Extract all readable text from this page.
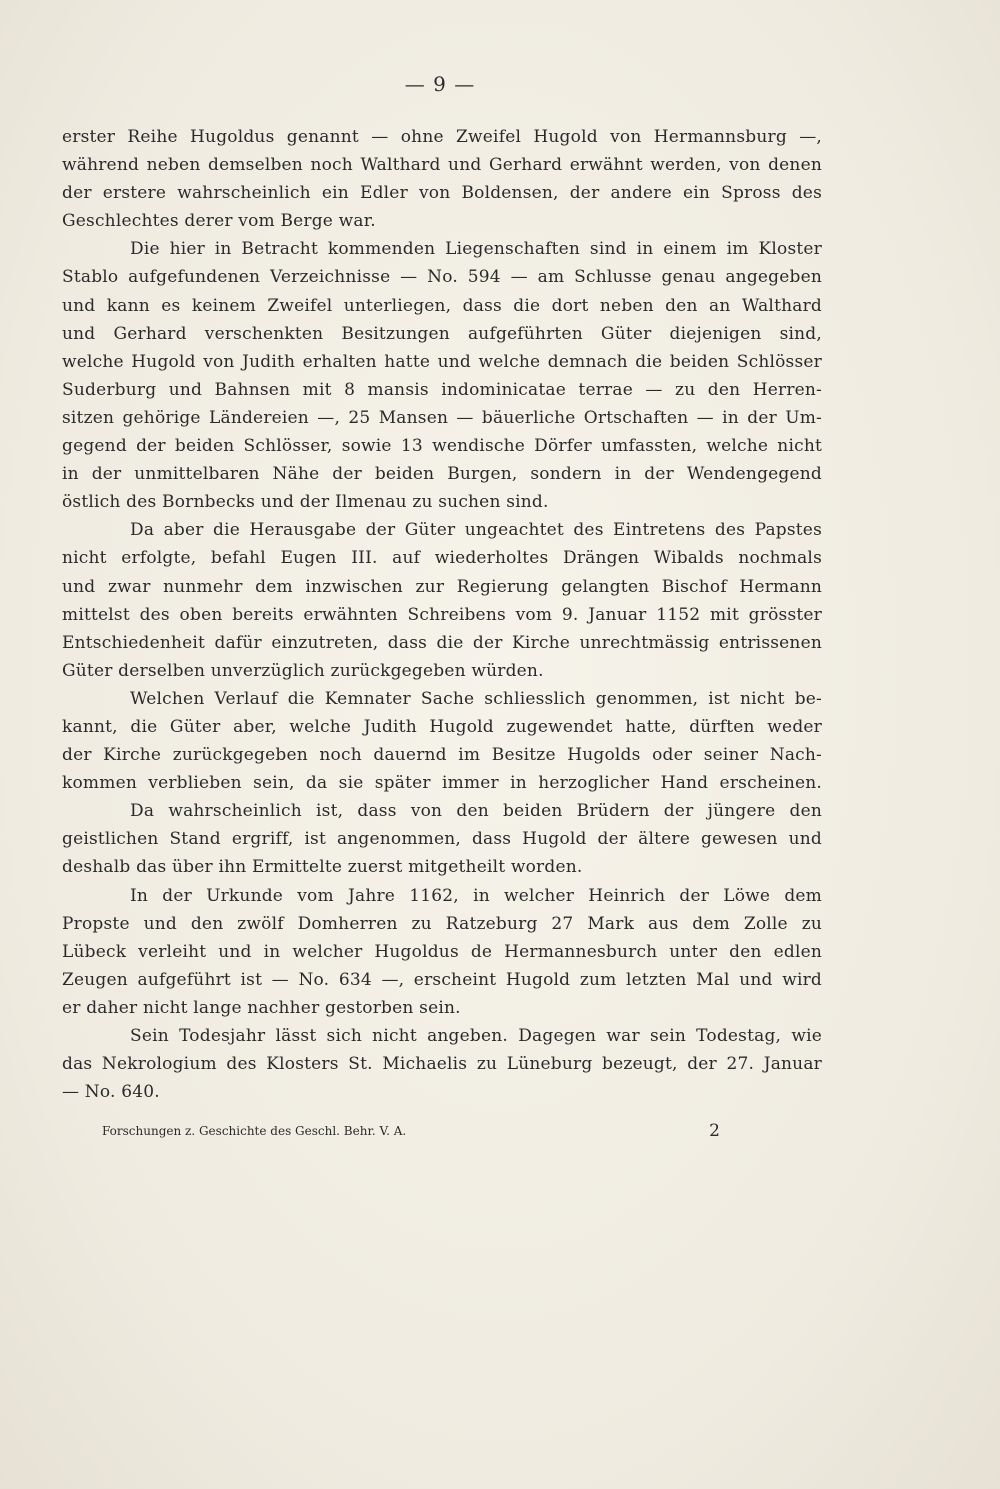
— 9 —
erster Reihe Hugoldus genannt — ohne Zweifel Hugold von Hermannsburg —,
während neben demselben noch Walthard und Gerhard erwähnt werden, von denen
der erstere wahrscheinlich ein Edler von Boldensen, der andere ein Spross des
Geschlechtes derer vom Berge war.
Die hier in Betracht kommenden Liegenschaften sind in einem im Kloster
Stablo aufgefundenen Verzeichnisse — No. 594 — am Schlusse genau angegeben
und kann es keinem Zweifel unterliegen, dass die dort neben den an Walthard
und Gerhard verschenkten Besitzungen aufgeführten Güter diejenigen sind,
welche Hugold von Judith erhalten hatte und welche demnach die beiden Schlösser
Suderburg und Bahnsen mit 8 mansis indominicatae terrae — zu den Herren-
sitzen gehörige Ländereien —, 25 Mansen — bäuerliche Ortschaften — in der Um-
gegend der beiden Schlösser, sowie 13 wendische Dörfer umfassten, welche nicht
in der unmittelbaren Nähe der beiden Burgen, sondern in der Wendengegend
östlich des Bornbecks und der Ilmenau zu suchen sind.
Da aber die Herausgabe der Güter ungeachtet des Eintretens des Papstes
nicht erfolgte, befahl Eugen III. auf wiederholtes Drängen Wibalds nochmals
und zwar nunmehr dem inzwischen zur Regierung gelangten Bischof Hermann
mittelst des oben bereits erwähnten Schreibens vom 9. Januar 1152 mit grösster
Entschiedenheit dafür einzutreten, dass die der Kirche unrechtmässig entrissenen
Güter derselben unverzüglich zurückgegeben würden.
Welchen Verlauf die Kemnater Sache schliesslich genommen, ist nicht be-
kannt, die Güter aber, welche Judith Hugold zugewendet hatte, dürften weder
der Kirche zurückgegeben noch dauernd im Besitze Hugolds oder seiner Nach-
kommen verblieben sein, da sie später immer in herzoglicher Hand erscheinen.
Da wahrscheinlich ist, dass von den beiden Brüdern der jüngere den
geistlichen Stand ergriff, ist angenommen, dass Hugold der ältere gewesen und
deshalb das über ihn Ermittelte zuerst mitgetheilt worden.
In der Urkunde vom Jahre 1162, in welcher Heinrich der Löwe dem
Propste und den zwölf Domherren zu Ratzeburg 27 Mark aus dem Zolle zu
Lübeck verleiht und in welcher Hugoldus de Hermannesburch unter den edlen
Zeugen aufgeführt ist — No. 634 —, erscheint Hugold zum letzten Mal und wird
er daher nicht lange nachher gestorben sein.
Sein Todesjahr lässt sich nicht angeben. Dagegen war sein Todestag, wie
das Nekrologium des Klosters St. Michaelis zu Lüneburg bezeugt, der 27. Januar
— No. 640.
Forschungen z. Geschichte des Geschl. Behr. V. A.	2
